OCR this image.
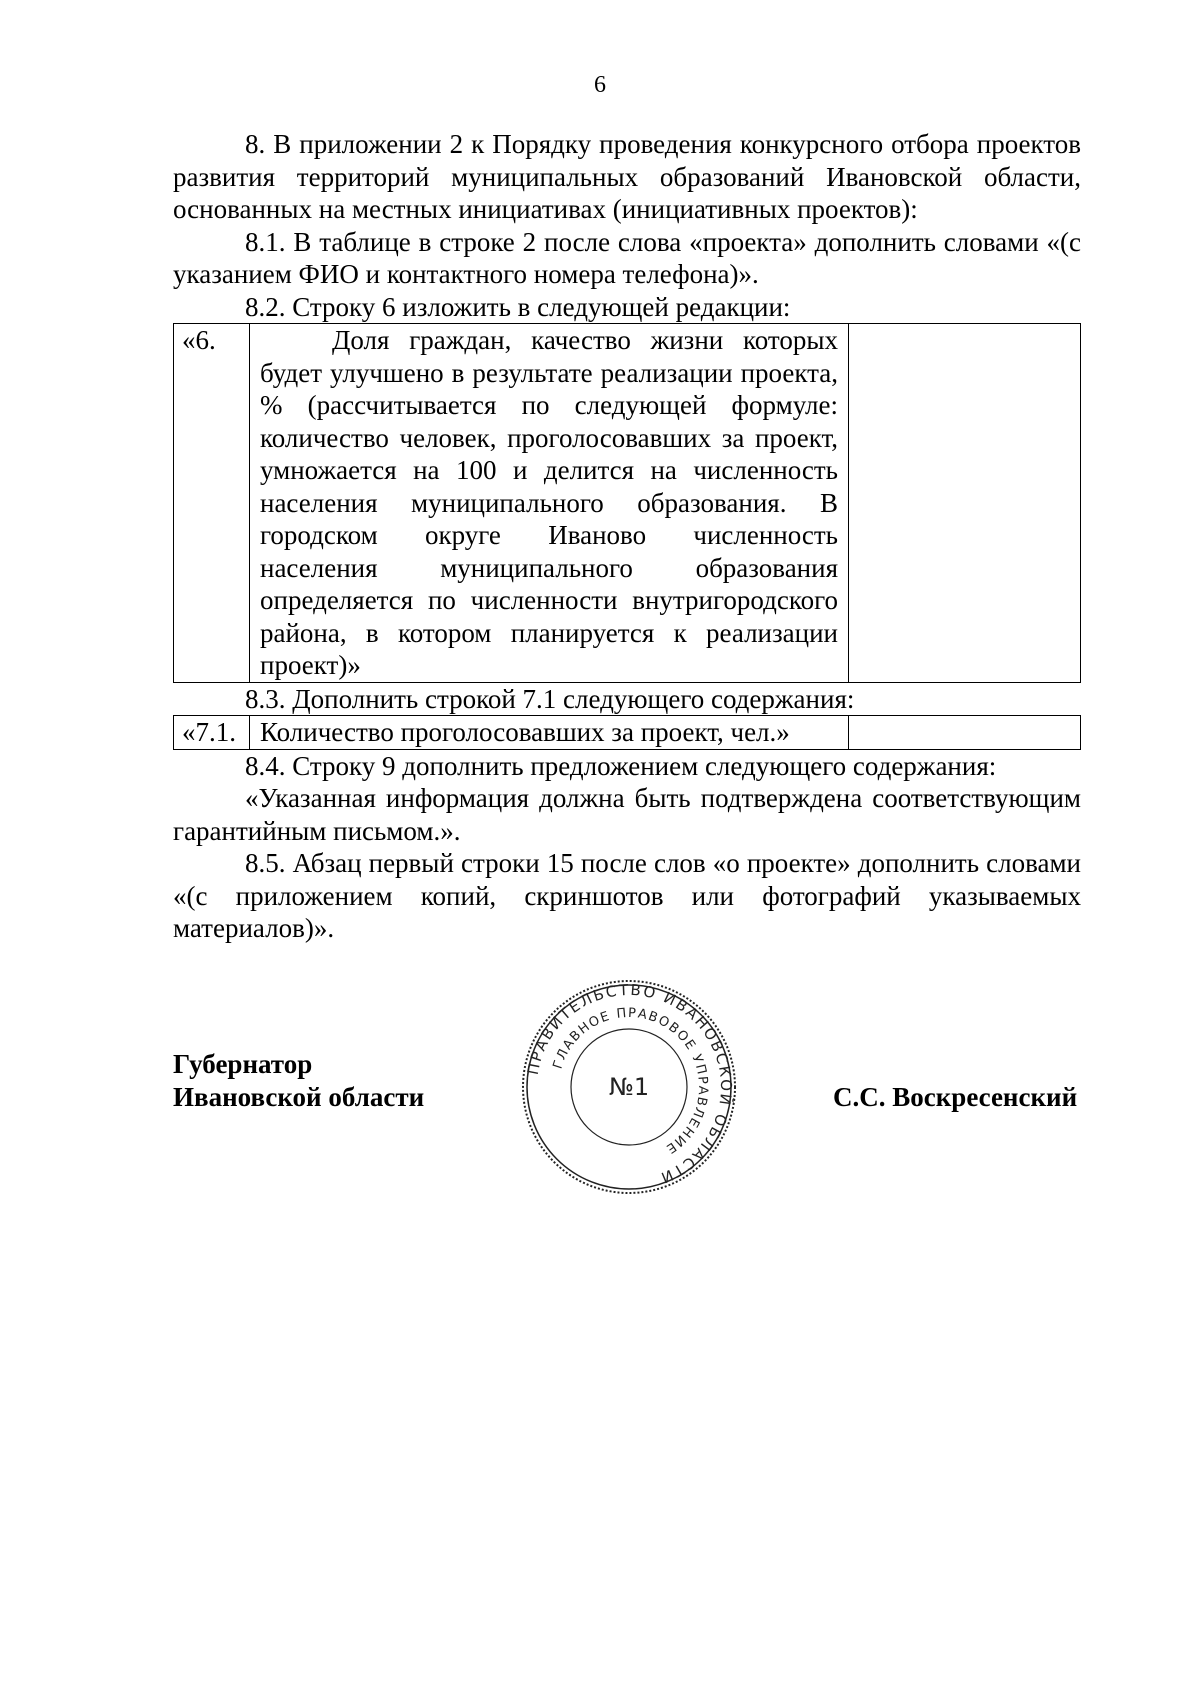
6

8. В приложении 2 к Порядку проведения конкурсного отбора проектов развития территорий муниципальных образований Ивановской области, основанных на местных инициативах (инициативных проектов):

8.1. В таблице в строке 2 после слова «проекта» дополнить словами «(с указанием ФИО и контактного номера телефона)».

8.2. Строку 6 изложить в следующей редакции:

«6.	Доля граждан, качество жизни которых будет улучшено в результате реализации проекта, % (рассчитывается по следующей формуле: количество человек, проголосовавших за проект, умножается на 100 и делится на численность населения муниципального образования. В городском округе Иваново численность населения муниципального образования определяется по численности внутригородского района, в котором планируется к реализации проект)»

8.3. Дополнить строкой 7.1 следующего содержания:

«7.1.	Количество проголосовавших за проект, чел.»	

8.4. Строку 9 дополнить предложением следующего содержания:

«Указанная информация должна быть подтверждена соответствующим гарантийным письмом.».

8.5. Абзац первый строки 15 после слов «о проекте» дополнить словами «(с приложением копий, скриншотов или фотографий указываемых материалов)».

Губернатор
Ивановской области	С.С. Воскресенский
ПРАВИТЕЛЬСТВО ИВАНОВСКОЙ ОБЛАСТИ
ГЛАВНОЕ ПРАВОВОЕ УПРАВЛЕНИЕ
№1
